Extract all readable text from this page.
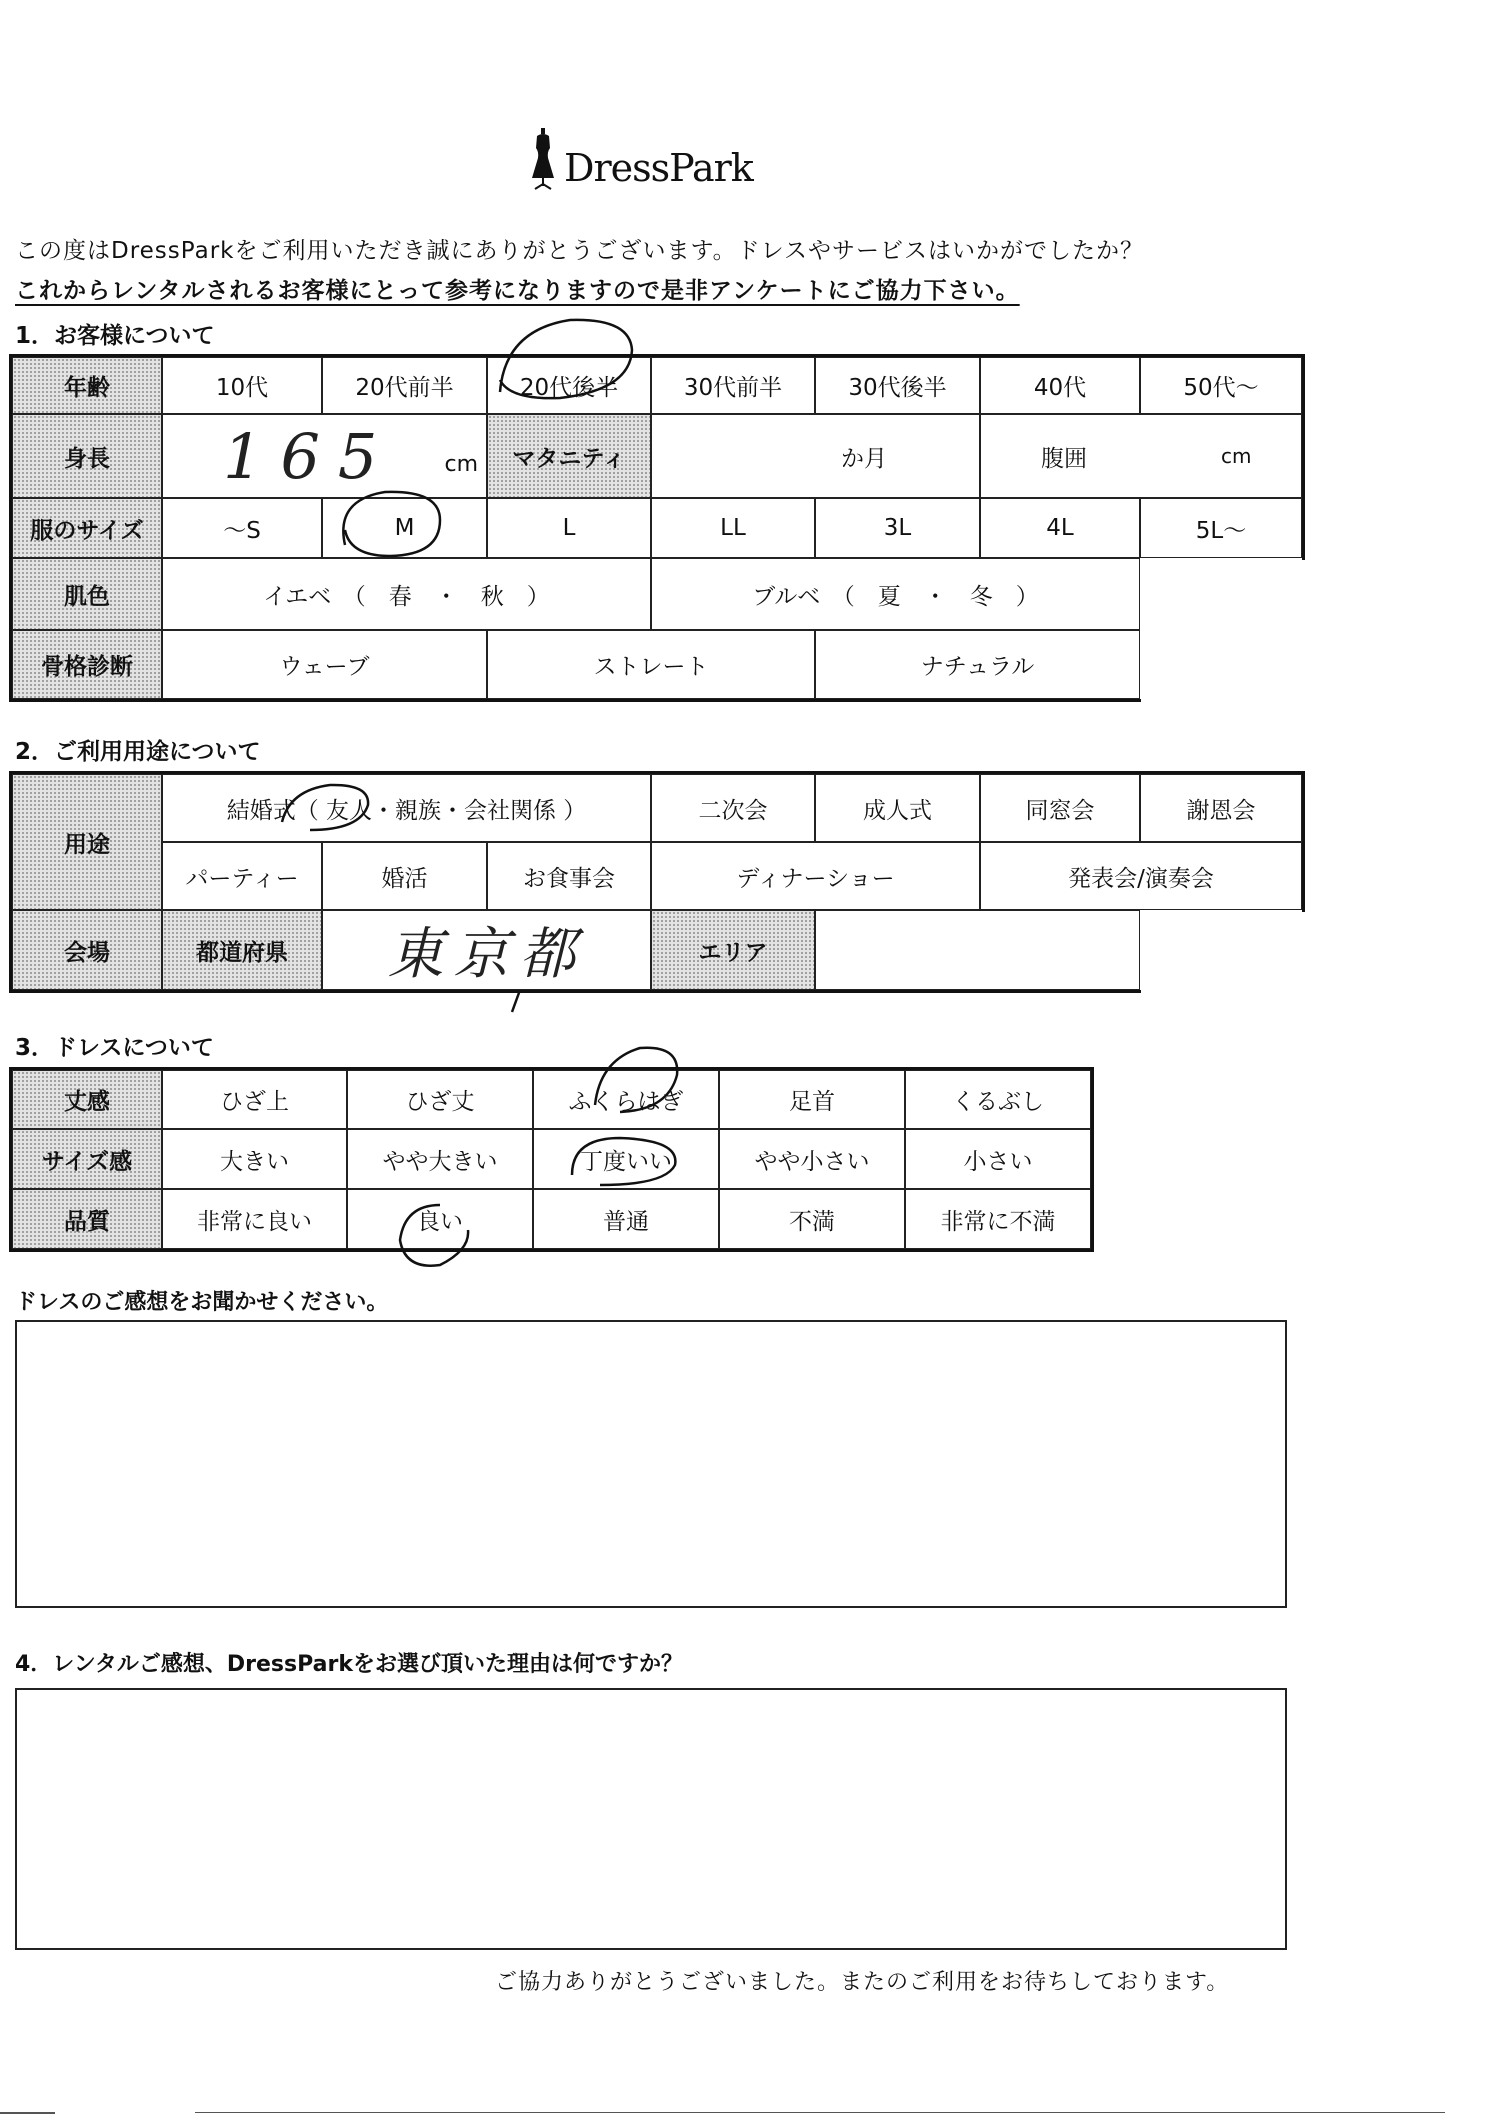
DressPark
この度はDressParkをご利用いただき誠にありがとうございます。ドレスやサービスはいかがでしたか？
これからレンタルされるお客様にとって参考になりますので是非アンケートにご協力下さい。
1．お客様について
年齢	10代	20代前半	20代後半	30代前半	30代後半	40代	50代～
身長	165 cm	マタニティ	か月	腹囲	cm
服のサイズ	～S	M	L	LL	3L	4L	5L～
肌色	イエベ　（　春　・　秋　）	ブルベ　（　夏　・　冬　）
骨格診断	ウェーブ	ストレート	ナチュラル
2．ご利用用途について
用途
結婚式（ 友人・親族・会社関係 ）	二次会	成人式	同窓会	謝恩会
パーティー	婚活	お食事会	ディナーショー	発表会/演奏会
会場	都道府県	東京都	エリア
3．ドレスについて
丈感	ひざ上	ひざ丈	ふくらはぎ	足首	くるぶし
サイズ感	大きい	やや大きい	丁度いい	やや小さい	小さい
品質	非常に良い	良い	普通	不満	非常に不満
ドレスのご感想をお聞かせください。
4．レンタルご感想、DressParkをお選び頂いた理由は何ですか？
ご協力ありがとうございました。またのご利用をお待ちしております。
